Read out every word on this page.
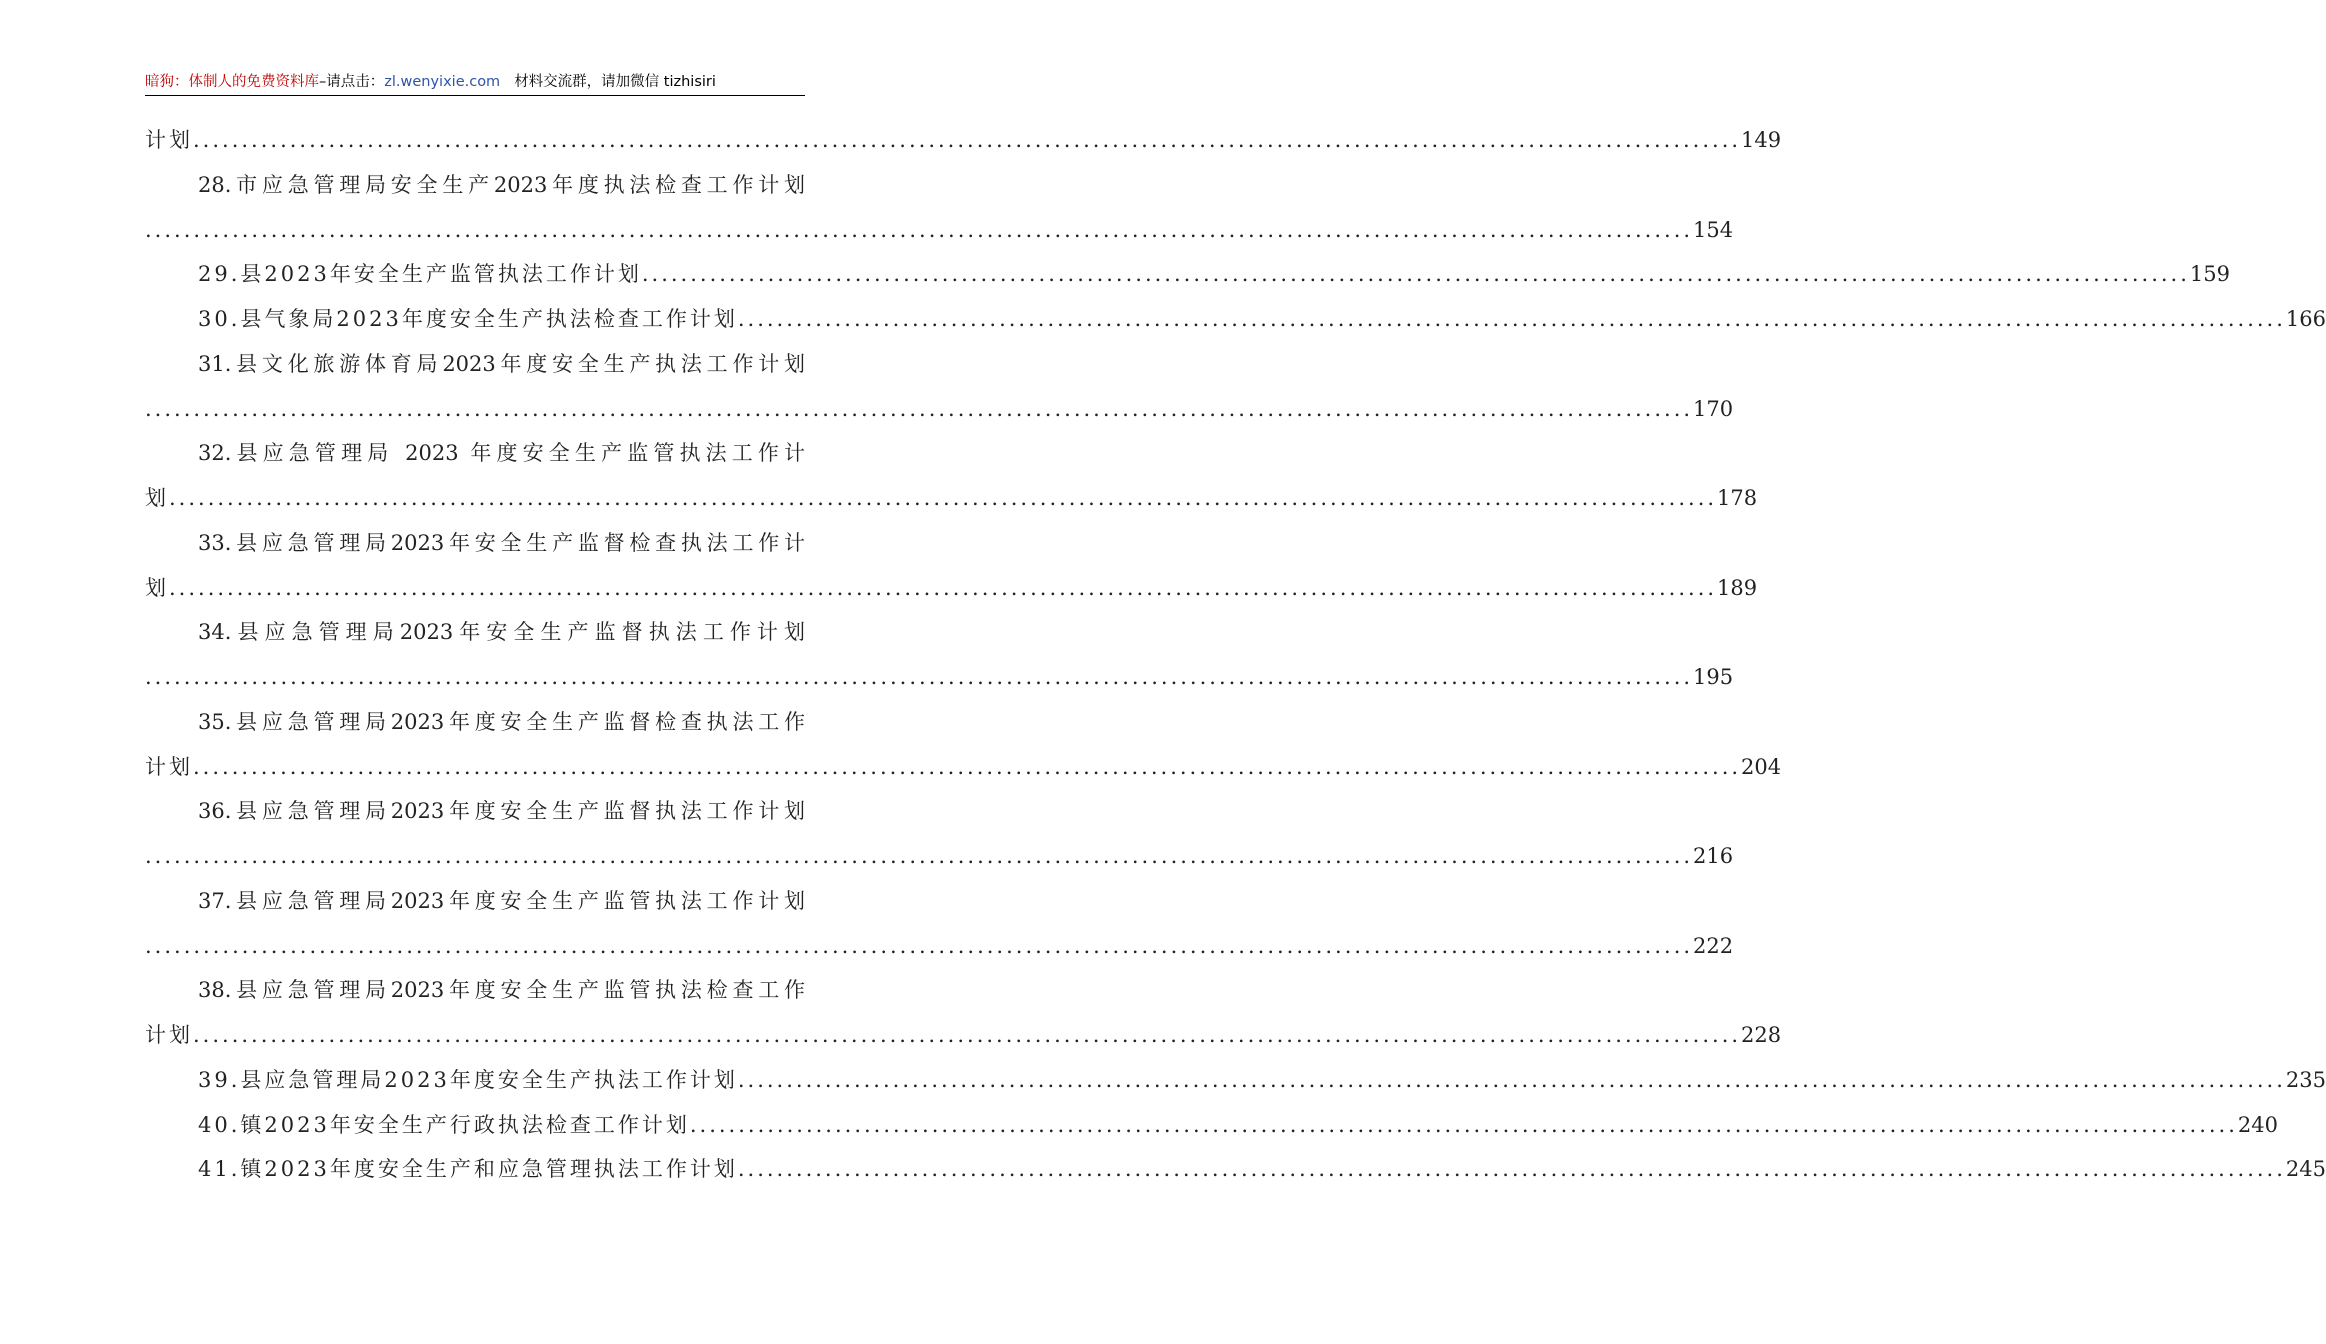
暗狗：体制人的免费资料库–请点击：zl.wenyixie.com 材料交流群，请加微信 tizhisiri
计划 ................................................................................................................................................................ 149
28.市应急管理局安全生产2023年度执法检查工作计划
................................................................................................................................................................ 154
29.县2023年安全生产监管执法工作计划 ................................................................................................................................................................ 159
30.县气象局2023年度安全生产执法检查工作计划 ................................................................................................................................................................ 166
31.县文化旅游体育局2023年度安全生产执法工作计划
................................................................................................................................................................ 170
32.县应急管理局 2023 年度安全生产监管执法工作计
划 ................................................................................................................................................................ 178
33.县应急管理局2023年安全生产监督检查执法工作计
划 ................................................................................................................................................................ 189
34.县应急管理局2023年安全生产监督执法工作计划
................................................................................................................................................................ 195
35.县应急管理局2023年度安全生产监督检查执法工作
计划 ................................................................................................................................................................ 204
36.县应急管理局2023年度安全生产监督执法工作计划
................................................................................................................................................................ 216
37.县应急管理局2023年度安全生产监管执法工作计划
................................................................................................................................................................ 222
38.县应急管理局2023年度安全生产监管执法检查工作
计划 ................................................................................................................................................................ 228
39.县应急管理局2023年度安全生产执法工作计划 ................................................................................................................................................................ 235
40.镇2023年安全生产行政执法检查工作计划 ................................................................................................................................................................ 240
41.镇2023年度安全生产和应急管理执法工作计划 ................................................................................................................................................................ 245
